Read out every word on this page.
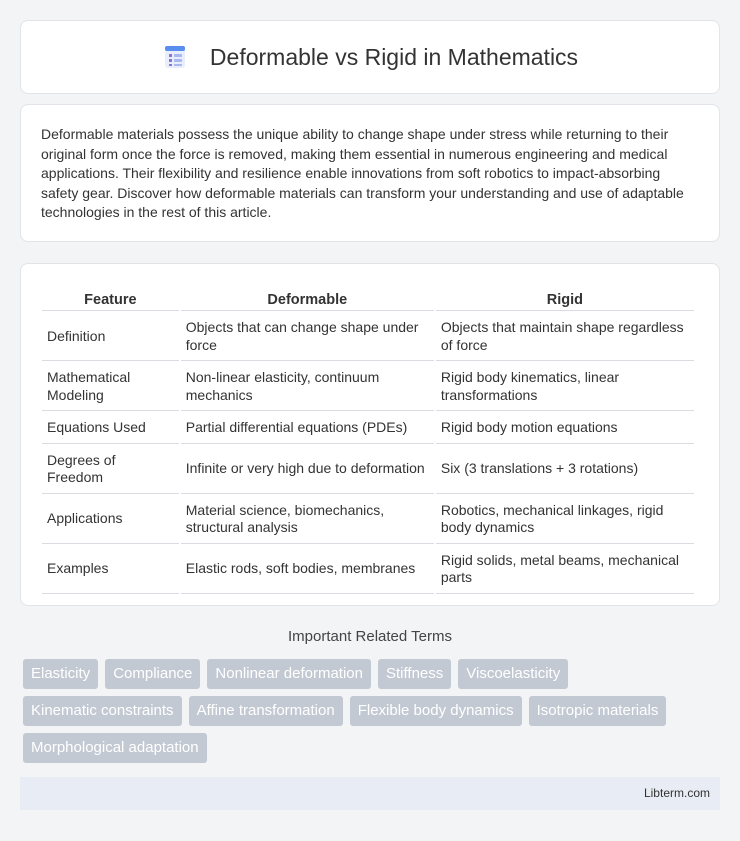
Deformable vs Rigid in Mathematics

Deformable materials possess the unique ability to change shape under stress while returning to their original form once the force is removed, making them essential in numerous engineering and medical applications. Their flexibility and resilience enable innovations from soft robotics to impact-absorbing safety gear. Discover how deformable materials can transform your understanding and use of adaptable technologies in the rest of this article.

Feature	Deformable	Rigid
Definition	Objects that can change shape under force	Objects that maintain shape regardless of force
Mathematical Modeling	Non-linear elasticity, continuum mechanics	Rigid body kinematics, linear transformations
Equations Used	Partial differential equations (PDEs)	Rigid body motion equations
Degrees of Freedom	Infinite or very high due to deformation	Six (3 translations + 3 rotations)
Applications	Material science, biomechanics, structural analysis	Robotics, mechanical linkages, rigid body dynamics
Examples	Elastic rods, soft bodies, membranes	Rigid solids, metal beams, mechanical parts
Important Related Terms
Elasticity	Compliance	Nonlinear deformation	Stiffness	Viscoelasticity
Kinematic constraints	Affine transformation	Flexible body dynamics	Isotropic materials
Morphological adaptation
Libterm.com
